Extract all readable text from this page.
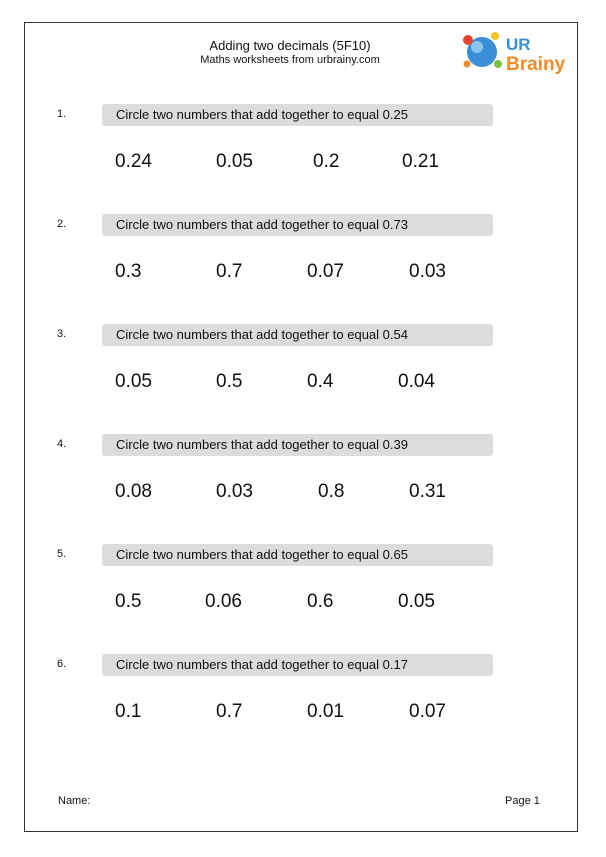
Adding two decimals (5F10)
Maths worksheets from urbrainy.com
UR
Brainy
1.	Circle two numbers that add together to equal 0.25
0.24	0.05	0.2	0.21
2.	Circle two numbers that add together to equal 0.73
0.3	0.7	0.07	0.03
3.	Circle two numbers that add together to equal 0.54
0.05	0.5	0.4	0.04
4.	Circle two numbers that add together to equal 0.39
0.08	0.03	0.8	0.31
5.	Circle two numbers that add together to equal 0.65
0.5	0.06	0.6	0.05
6.	Circle two numbers that add together to equal 0.17
0.1	0.7	0.01	0.07
Name:	Page 1
